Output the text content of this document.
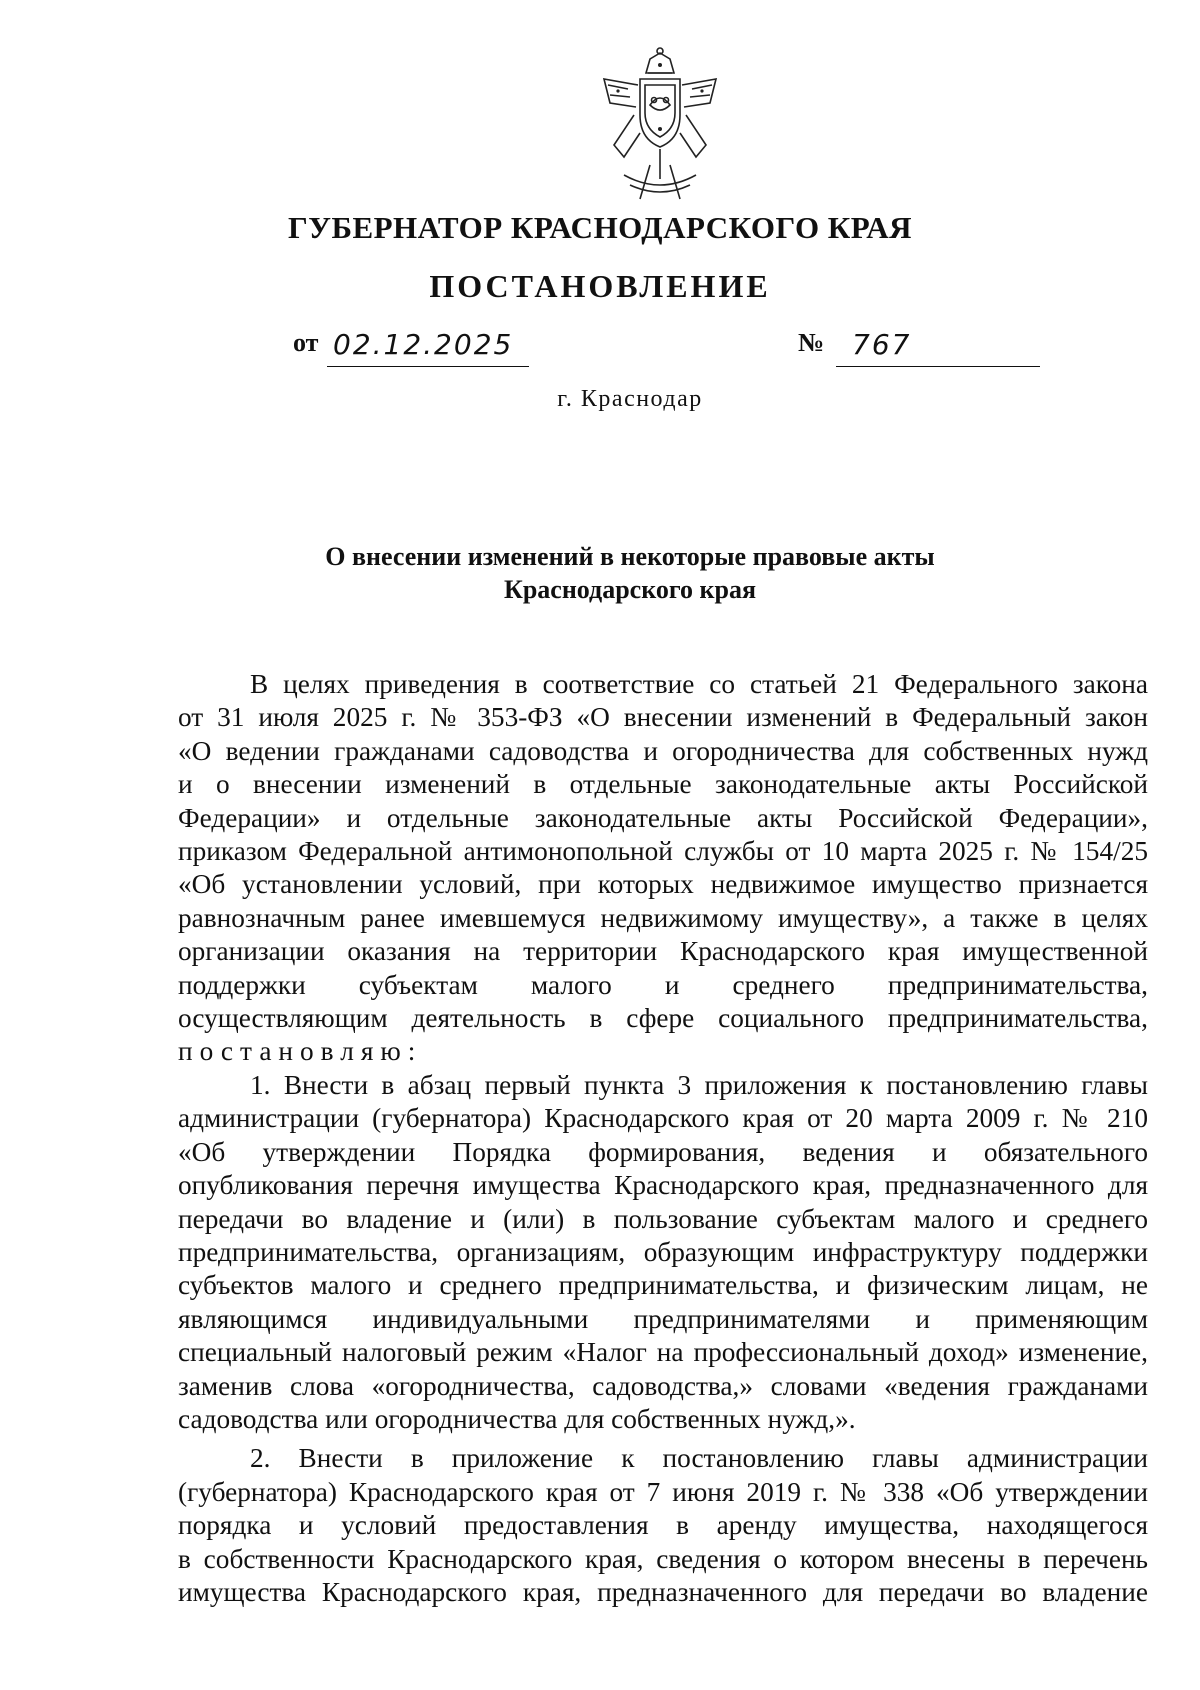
ГУБЕРНАТОР КРАСНОДАРСКОГО КРАЯ
ПОСТАНОВЛЕНИЕ
от 02.12.2025	№ 767
г. Краснодар
О внесении изменений в некоторые правовые акты
Краснодарского края
В целях приведения в соответствие со статьей 21 Федерального закона
от 31 июля 2025 г. № 353-ФЗ «О внесении изменений в Федеральный закон
«О ведении гражданами садоводства и огородничества для собственных нужд
и о внесении изменений в отдельные законодательные акты Российской
Федерации» и отдельные законодательные акты Российской Федерации»,
приказом Федеральной антимонопольной службы от 10 марта 2025 г. № 154/25
«Об установлении условий, при которых недвижимое имущество признается
равнозначным ранее имевшемуся недвижимому имуществу», а также в целях
организации оказания на территории Краснодарского края имущественной
поддержки субъектам малого и среднего предпринимательства,
осуществляющим деятельность в сфере социального предпринимательства,
постановляю:
1. Внести в абзац первый пункта 3 приложения к постановлению главы
администрации (губернатора) Краснодарского края от 20 марта 2009 г. № 210
«Об утверждении Порядка формирования, ведения и обязательного
опубликования перечня имущества Краснодарского края, предназначенного для
передачи во владение и (или) в пользование субъектам малого и среднего
предпринимательства, организациям, образующим инфраструктуру поддержки
субъектов малого и среднего предпринимательства, и физическим лицам, не
являющимся индивидуальными предпринимателями и применяющим
специальный налоговый режим «Налог на профессиональный доход» изменение,
заменив слова «огородничества, садоводства,» словами «ведения гражданами
садоводства или огородничества для собственных нужд,».
2. Внести в приложение к постановлению главы администрации
(губернатора) Краснодарского края от 7 июня 2019 г. № 338 «Об утверждении
порядка и условий предоставления в аренду имущества, находящегося
в собственности Краснодарского края, сведения о котором внесены в перечень
имущества Краснодарского края, предназначенного для передачи во владение
